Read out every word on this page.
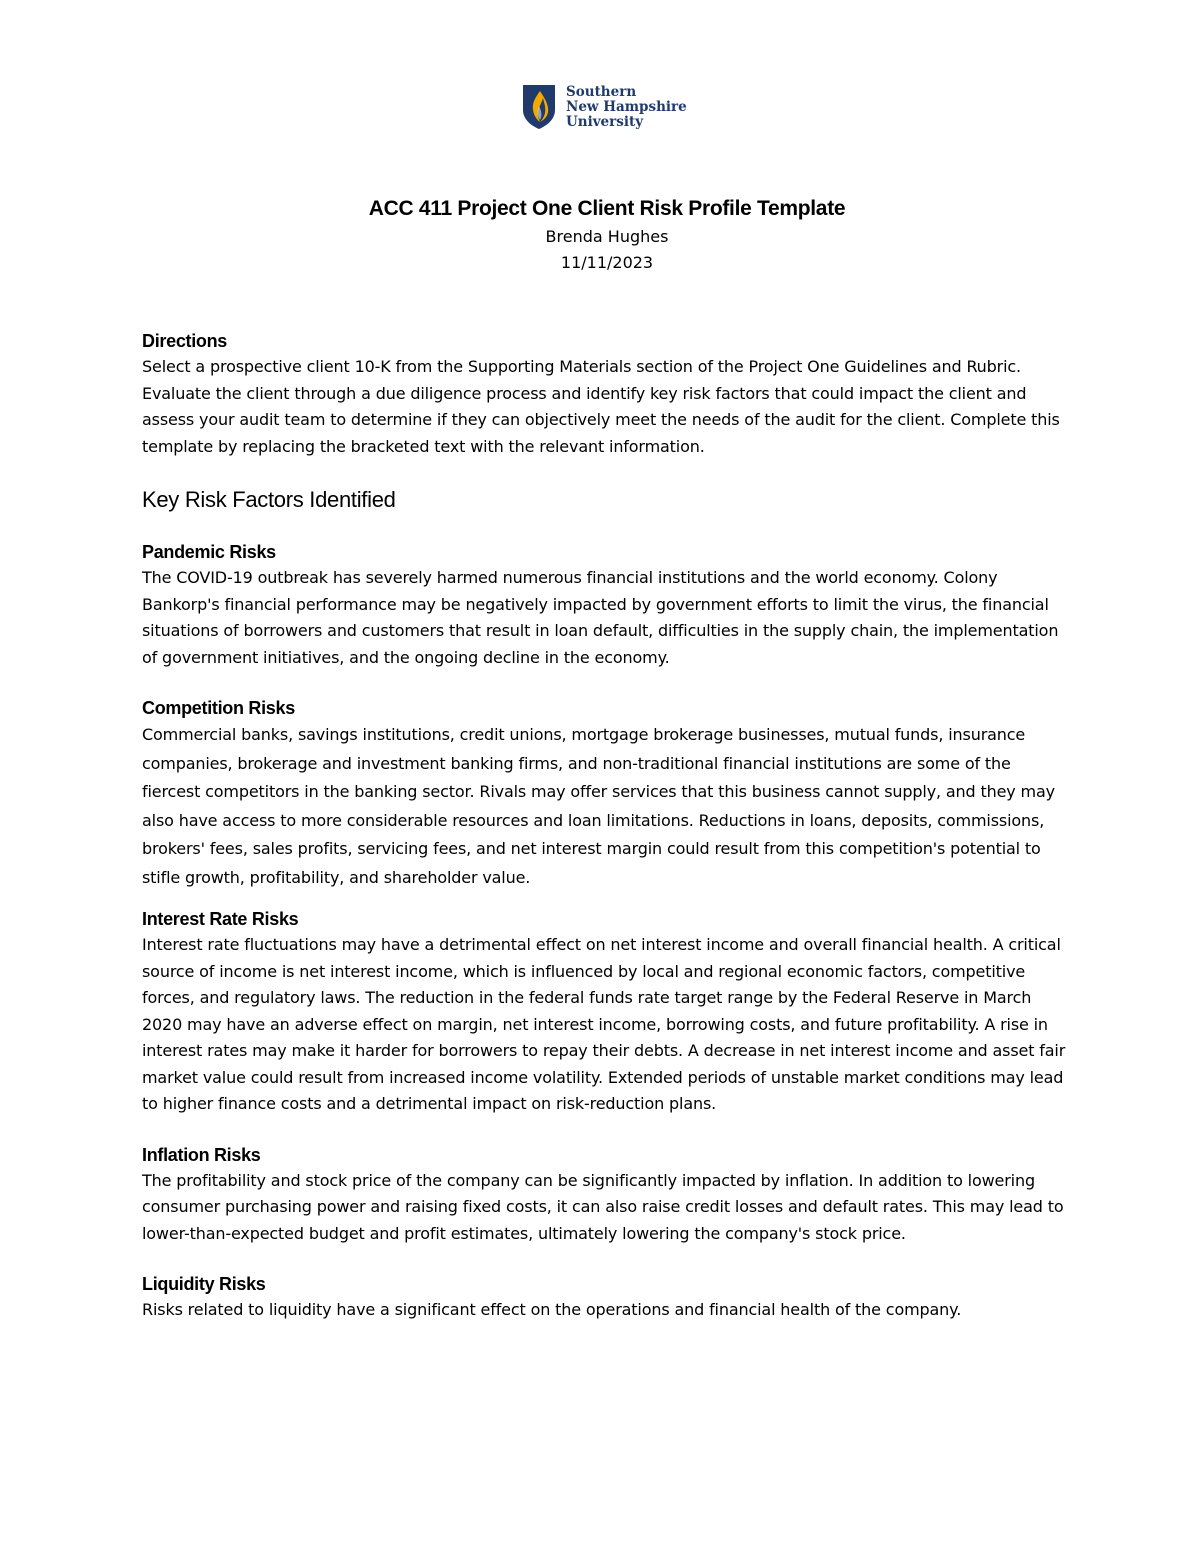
Southern
New Hampshire
University
ACC 411 Project One Client Risk Profile Template

Brenda Hughes

11/11/2023

Directions

Select a prospective client 10-K from the Supporting Materials section of the Project One Guidelines and Rubric. Evaluate the client through a due diligence process and identify key risk factors that could impact the client and assess your audit team to determine if they can objectively meet the needs of the audit for the client. Complete this template by replacing the bracketed text with the relevant information.

Key Risk Factors Identified
Pandemic Risks

The COVID-19 outbreak has severely harmed numerous financial institutions and the world economy. Colony Bankorp's financial performance may be negatively impacted by government efforts to limit the virus, the financial situations of borrowers and customers that result in loan default, difficulties in the supply chain, the implementation of government initiatives, and the ongoing decline in the economy.

Competition Risks

Commercial banks, savings institutions, credit unions, mortgage brokerage businesses, mutual funds, insurance companies, brokerage and investment banking firms, and non-traditional financial institutions are some of the fiercest competitors in the banking sector. Rivals may offer services that this business cannot supply, and they may also have access to more considerable resources and loan limitations. Reductions in loans, deposits, commissions, brokers' fees, sales profits, servicing fees, and net interest margin could result from this competition's potential to stifle growth, profitability, and shareholder value.

Interest Rate Risks

Interest rate fluctuations may have a detrimental effect on net interest income and overall financial health. A critical source of income is net interest income, which is influenced by local and regional economic factors, competitive forces, and regulatory laws. The reduction in the federal funds rate target range by the Federal Reserve in March 2020 may have an adverse effect on margin, net interest income, borrowing costs, and future profitability. A rise in interest rates may make it harder for borrowers to repay their debts. A decrease in net interest income and asset fair market value could result from increased income volatility. Extended periods of unstable market conditions may lead to higher finance costs and a detrimental impact on risk-reduction plans.

Inflation Risks

The profitability and stock price of the company can be significantly impacted by inflation. In addition to lowering consumer purchasing power and raising fixed costs, it can also raise credit losses and default rates. This may lead to lower-than-expected budget and profit estimates, ultimately lowering the company's stock price.

Liquidity Risks

Risks related to liquidity have a significant effect on the operations and financial health of the company.
